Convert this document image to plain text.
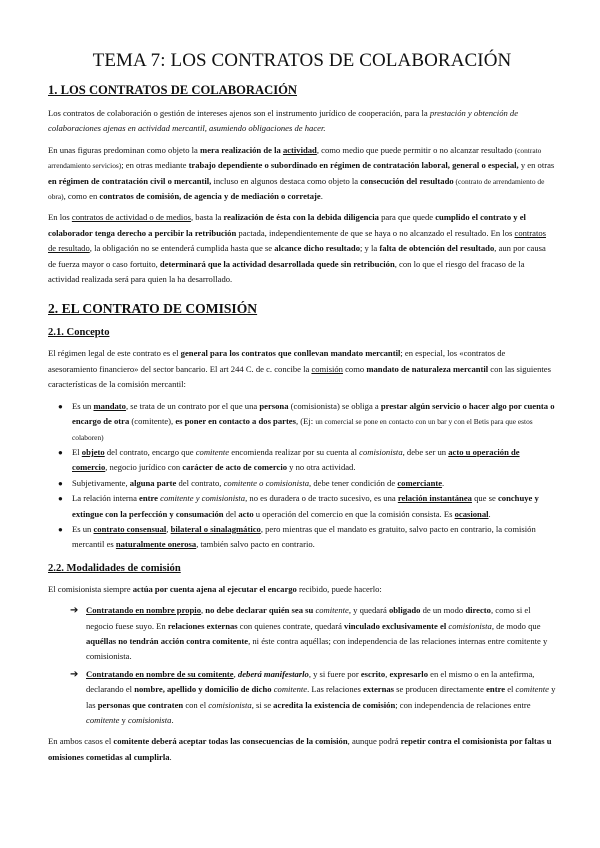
TEMA 7: LOS CONTRATOS DE COLABORACIÓN
1. LOS CONTRATOS DE COLABORACIÓN

Los contratos de colaboración o gestión de intereses ajenos son el instrumento jurídico de cooperación, para la prestación y obtención de colaboraciones ajenas en actividad mercantil, asumiendo obligaciones de hacer.

En unas figuras predominan como objeto la mera realización de la actividad, como medio que puede permitir o no alcanzar resultado (contrato arrendamiento servicios); en otras mediante trabajo dependiente o subordinado en régimen de contratación laboral, general o especial, y en otras en régimen de contratación civil o mercantil, incluso en algunos destaca como objeto la consecución del resultado (contrato de arrendamiento de obra), como en contratos de comisión, de agencia y de mediación o corretaje.

En los contratos de actividad o de medios, basta la realización de ésta con la debida diligencia para que quede cumplido el contrato y el colaborador tenga derecho a percibir la retribución pactada, independientemente de que se haya o no alcanzado el resultado. En los contratos de resultado, la obligación no se entenderá cumplida hasta que se alcance dicho resultado; y la falta de obtención del resultado, aun por causa de fuerza mayor o caso fortuito, determinará que la actividad desarrollada quede sin retribución, con lo que el riesgo del fracaso de la actividad realizada será para quien la ha desarrollado.

2. EL CONTRATO DE COMISIÓN
2.1. Concepto

El régimen legal de este contrato es el general para los contratos que conllevan mandato mercantil; en especial, los «contratos de asesoramiento financiero» del sector bancario. El art 244 C. de c. concibe la comisión como mandato de naturaleza mercantil con las siguientes características de la comisión mercantil:

● Es un mandato, se trata de un contrato por el que una persona (comisionista) se obliga a prestar algún servicio o hacer algo por cuenta o encargo de otra (comitente), es poner en contacto a dos partes, (Ej: un comercial se pone en contacto con un bar y con el Betis para que estos colaboren)
● El objeto del contrato, encargo que comitente encomienda realizar por su cuenta al comisionista, debe ser un acto u operación de comercio, negocio jurídico con carácter de acto de comercio y no otra actividad.
● Subjetivamente, alguna parte del contrato, comitente o comisionista, debe tener condición de comerciante.
● La relación interna entre comitente y comisionista, no es duradera o de tracto sucesivo, es una relación instantánea que se conchuye y extingue con la perfección y consumación del acto u operación del comercio en que la comisión consista. Es ocasional.
● Es un contrato consensual, bilateral o sinalagmático, pero mientras que el mandato es gratuito, salvo pacto en contrario, la comisión mercantil es naturalmente onerosa, también salvo pacto en contrario.
2.2. Modalidades de comisión

El comisionista siempre actúa por cuenta ajena al ejecutar el encargo recibido, puede hacerlo:

➔ Contratando en nombre propio, no debe declarar quién sea su comitente, y quedará obligado de un modo directo, como si el negocio fuese suyo. En relaciones externas con quienes contrate, quedará vinculado exclusivamente el comisionista, de modo que aquéllas no tendrán acción contra comitente, ni éste contra aquéllas; con independencia de las relaciones internas entre comitente y comisionista.
➔ Contratando en nombre de su comitente, deberá manifestarlo, y si fuere por escrito, expresarlo en el mismo o en la antefirma, declarando el nombre, apellido y domicilio de dicho comitente. Las relaciones externas se producen directamente entre el comitente y las personas que contraten con el comisionista, si se acredita la existencia de comisión; con independencia de relaciones entre comitente y comisionista.

En ambos casos el comitente deberá aceptar todas las consecuencias de la comisión, aunque podrá repetir contra el comisionista por faltas u omisiones cometidas al cumplirla.
